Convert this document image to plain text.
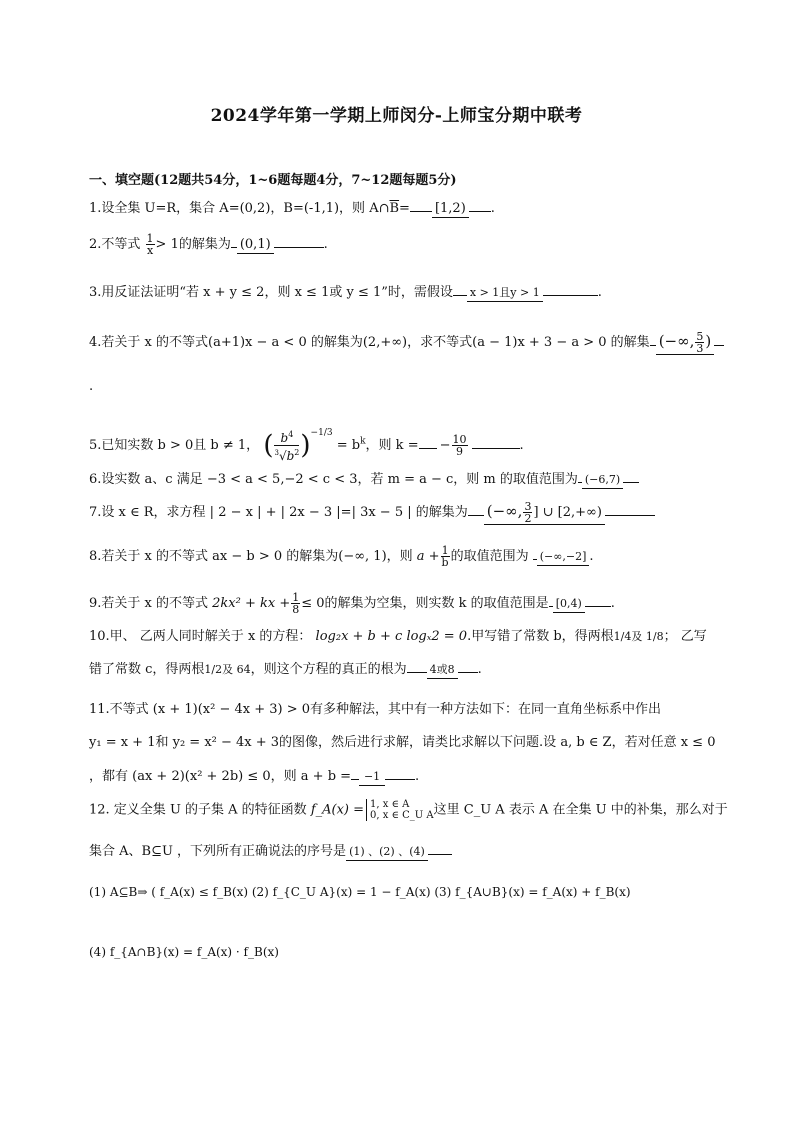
2024学年第一学期上师闵分-上师宝分期中联考
一、填空题(12题共54分，1~6题每题4分，7~12题每题5分)
1.设全集 U=R，集合 A=(0,2)，B=(-1,1)，则 $A\cap\overline{B}= [1,2)$ .
2.不等式 $\frac{1}{x} > 1$的解集为 (0,1)	.
3.用反证法证明“若 x + y ≤ 2，则 x ≤ 1或 y ≤ 1”时，需假设 x > 1且y > 1	.
4.若关于 x 的不等式(a+1)x − a < 0 的解集为(2,+∞)，求不等式(a − 1)x + 3 − a > 0 的解集 (−∞, $\frac{5}{3}$ )
.
5.已知实数 b > 0且 b ≠ 1， ( $\frac{b^4}{^3√b^2} )^{-1/3} = b^k$，则 k = − $\frac{10}{9}$	.
6.设实数 a、c 满足 −3 < a < 5,−2 < c < 3，若 m = a − c，则 m 的取值范围为 (−6,7)
7.设 x ∈ R，求方程 | 2 − x | + | 2x − 3 |=| 3x − 5 | 的解集为 (−∞, $\frac{3}{2}$ ] ∪ [2,+∞)
8.若关于 x 的不等式 ax − b > 0 的解集为(−∞, 1)，则 $a + \frac{1}{b}$ 的取值范围为 (−∞,−2] .
9.若关于 x 的不等式 2kx² + kx + $\frac{1}{8} \le 0$的解集为空集，则实数 k 的取值范围是 [0,4) .
10.甲、 乙两人同时解关于 x 的方程： log₂x + b + c logₓ2 = 0.甲写错了常数 b，得两根1/4及 1/8； 乙写
错了常数 c，得两根1/2及 64，则这个方程的真正的根为 4或8 .
11.不等式 (x + 1)(x² − 4x + 3) > 0有多种解法，其中有一种方法如下：在同一直角坐标系中作出
y₁ = x + 1和 y₂ = x² − 4x + 3的图像，然后进行求解，请类比求解以下问题.设 a, b ∈ Z，若对任意 x ≤ 0
，都有 (ax + 2)(x² + 2b) ≤ 0，则 a + b = −1	.
12. 定义全集 U 的子集 A 的特征函数 f_A(x) = 1, x ∈ A
0, x ∈ C_U A 这里 C_U A 表示 A 在全集 U 中的补集，那么对于
集合 A、B⊆U ，下列所有正确说法的序号是 (1) 、(2) 、(4)
(1) A⊆B⇒ ( f_A(x) ≤ f_B(x) (2) f_{C_U A}(x) = 1 − f_A(x) (3) f_{A∪B}(x) = f_A(x) + f_B(x)
(4) f_{A∩B}(x) = f_A(x) · f_B(x)
